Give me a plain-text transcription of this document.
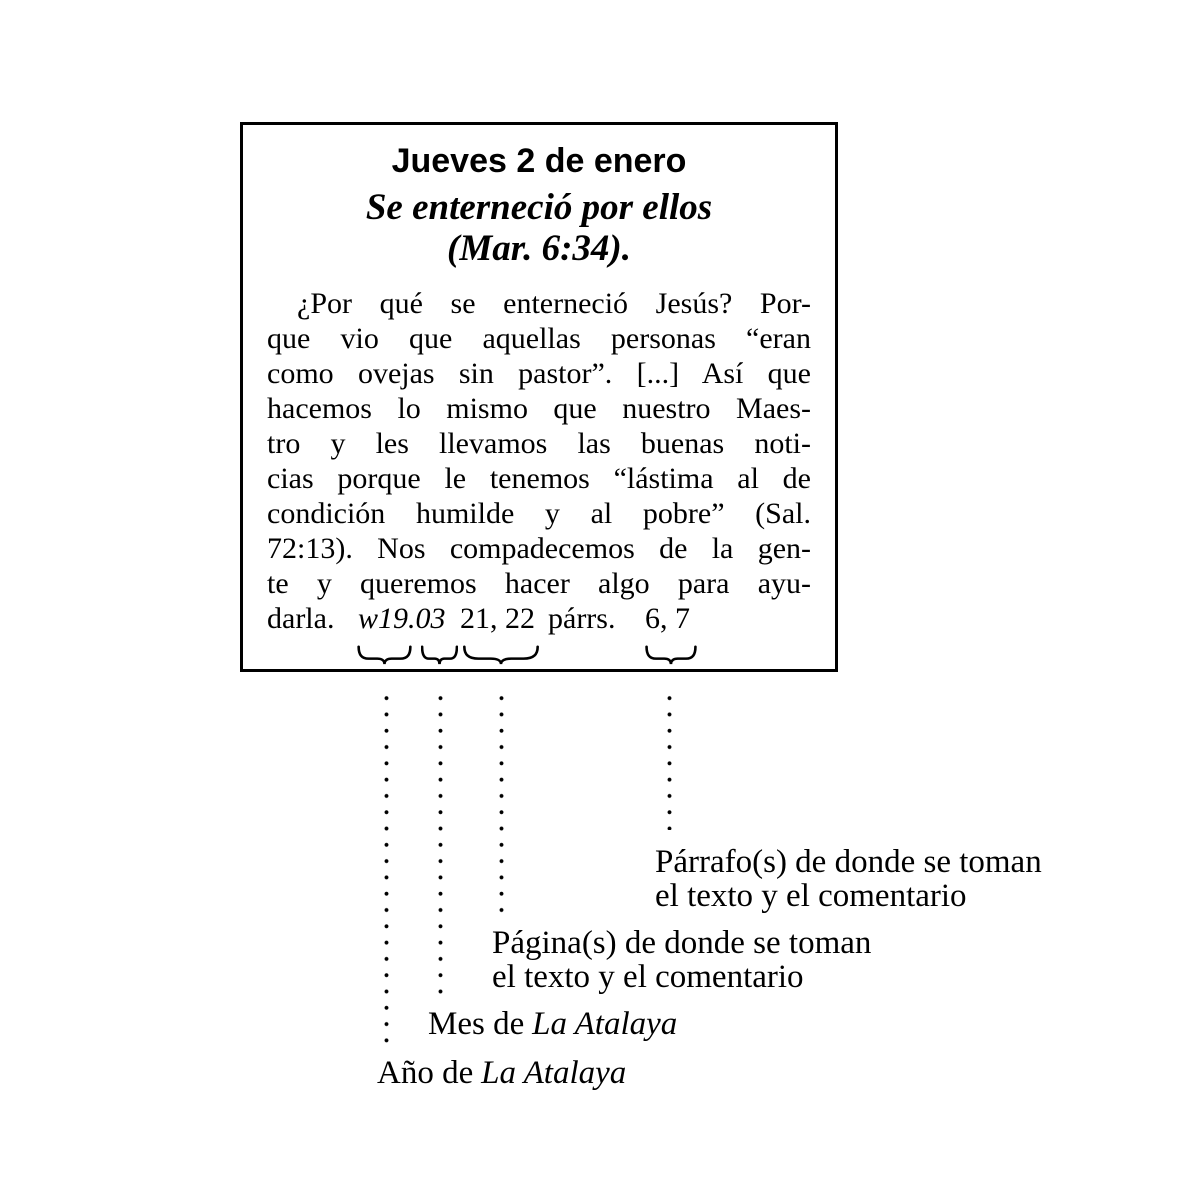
Jueves 2 de enero
Se enterneció por ellos
(Mar. 6:34).
¿Por qué se enterneció Jesús? Por-
que vio que aquellas personas “eran
como ovejas sin pastor”. [...] Así que
hacemos lo mismo que nuestro Maes-
tro y les llevamos las buenas noti-
cias porque le tenemos “lástima al de
condición humilde y al pobre” (Sal.
72:13). Nos compadecemos de la gen-
te y queremos hacer algo para ayu-
darla. w19.03 21, 22 párrs. 6, 7
Párrafo(s) de donde se toman
el texto y el comentario
Página(s) de donde se toman
el texto y el comentario
Mes de La Atalaya
Año de La Atalaya
